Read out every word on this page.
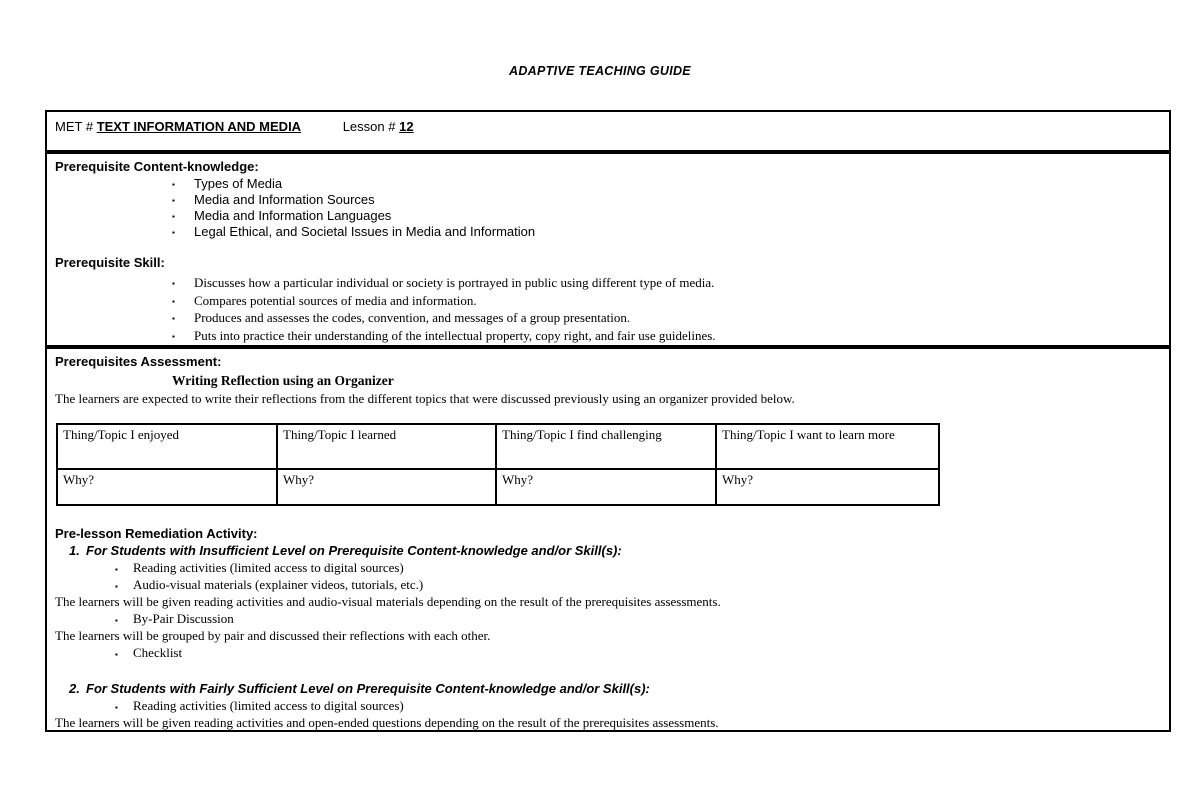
ADAPTIVE TEACHING GUIDE
MET # TEXT INFORMATION AND MEDIA	Lesson # 12
Prerequisite Content-knowledge:
▪	Types of Media
▪	Media and Information Sources
▪	Media and Information Languages
▪	Legal Ethical, and Societal Issues in Media and Information
Prerequisite Skill:
▪	Discusses how a particular individual or society is portrayed in public using different type of media.
▪	Compares potential sources of media and information.
▪	Produces and assesses the codes, convention, and messages of a group presentation.
▪	Puts into practice their understanding of the intellectual property, copy right, and fair use guidelines.
Prerequisites Assessment:
Writing Reflection using an Organizer
The learners are expected to write their reflections from the different topics that were discussed previously using an organizer provided below.
Thing/Topic I enjoyed	Thing/Topic I learned	Thing/Topic I find challenging	Thing/Topic I want to learn more
Why?	Why?	Why?	Why?
Pre-lesson Remediation Activity:
1. For Students with Insufficient Level on Prerequisite Content-knowledge and/or Skill(s):
▪	Reading activities (limited access to digital sources)
▪	Audio-visual materials (explainer videos, tutorials, etc.)
The learners will be given reading activities and audio-visual materials depending on the result of the prerequisites assessments.
▪	By-Pair Discussion
The learners will be grouped by pair and discussed their reflections with each other.
▪	Checklist
2. For Students with Fairly Sufficient Level on Prerequisite Content-knowledge and/or Skill(s):
▪	Reading activities (limited access to digital sources)
The learners will be given reading activities and open-ended questions depending on the result of the prerequisites assessments.
